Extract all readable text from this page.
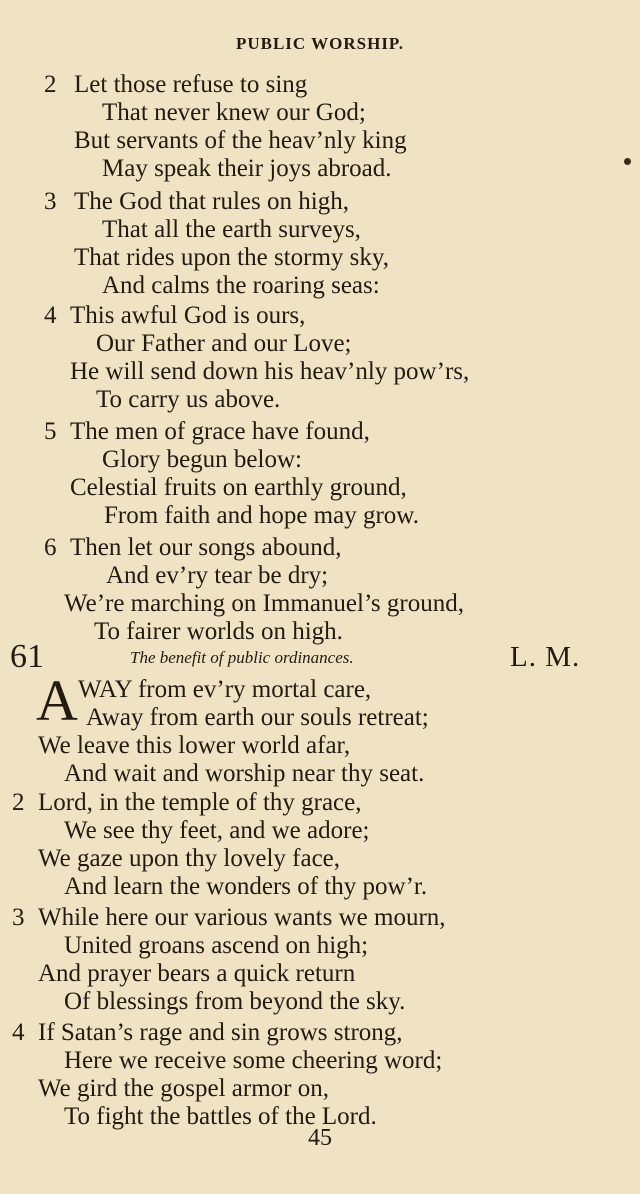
PUBLIC WORSHIP.
2 Let those refuse to sing
That never knew our God;
But servants of the heav’nly king
May speak their joys abroad.
3 The God that rules on high,
That all the earth surveys,
That rides upon the stormy sky,
And calms the roaring seas:
4 This awful God is ours,
Our Father and our Love;
He will send down his heav’nly pow’rs,
To carry us above.
5 The men of grace have found,
Glory begun below:
Celestial fruits on earthly ground,
From faith and hope may grow.
6 Then let our songs abound,
And ev’ry tear be dry;
We’re marching on Immanuel’s ground,
To fairer worlds on high.
61	The benefit of public ordinances.	L. M.
A WAY from ev’ry mortal care,
Away from earth our souls retreat;
We leave this lower world afar,
And wait and worship near thy seat.
2 Lord, in the temple of thy grace,
We see thy feet, and we adore;
We gaze upon thy lovely face,
And learn the wonders of thy pow’r.
3 While here our various wants we mourn,
United groans ascend on high;
And prayer bears a quick return
Of blessings from beyond the sky.
4 If Satan’s rage and sin grows strong,
Here we receive some cheering word;
We gird the gospel armor on,
To fight the battles of the Lord.
45
